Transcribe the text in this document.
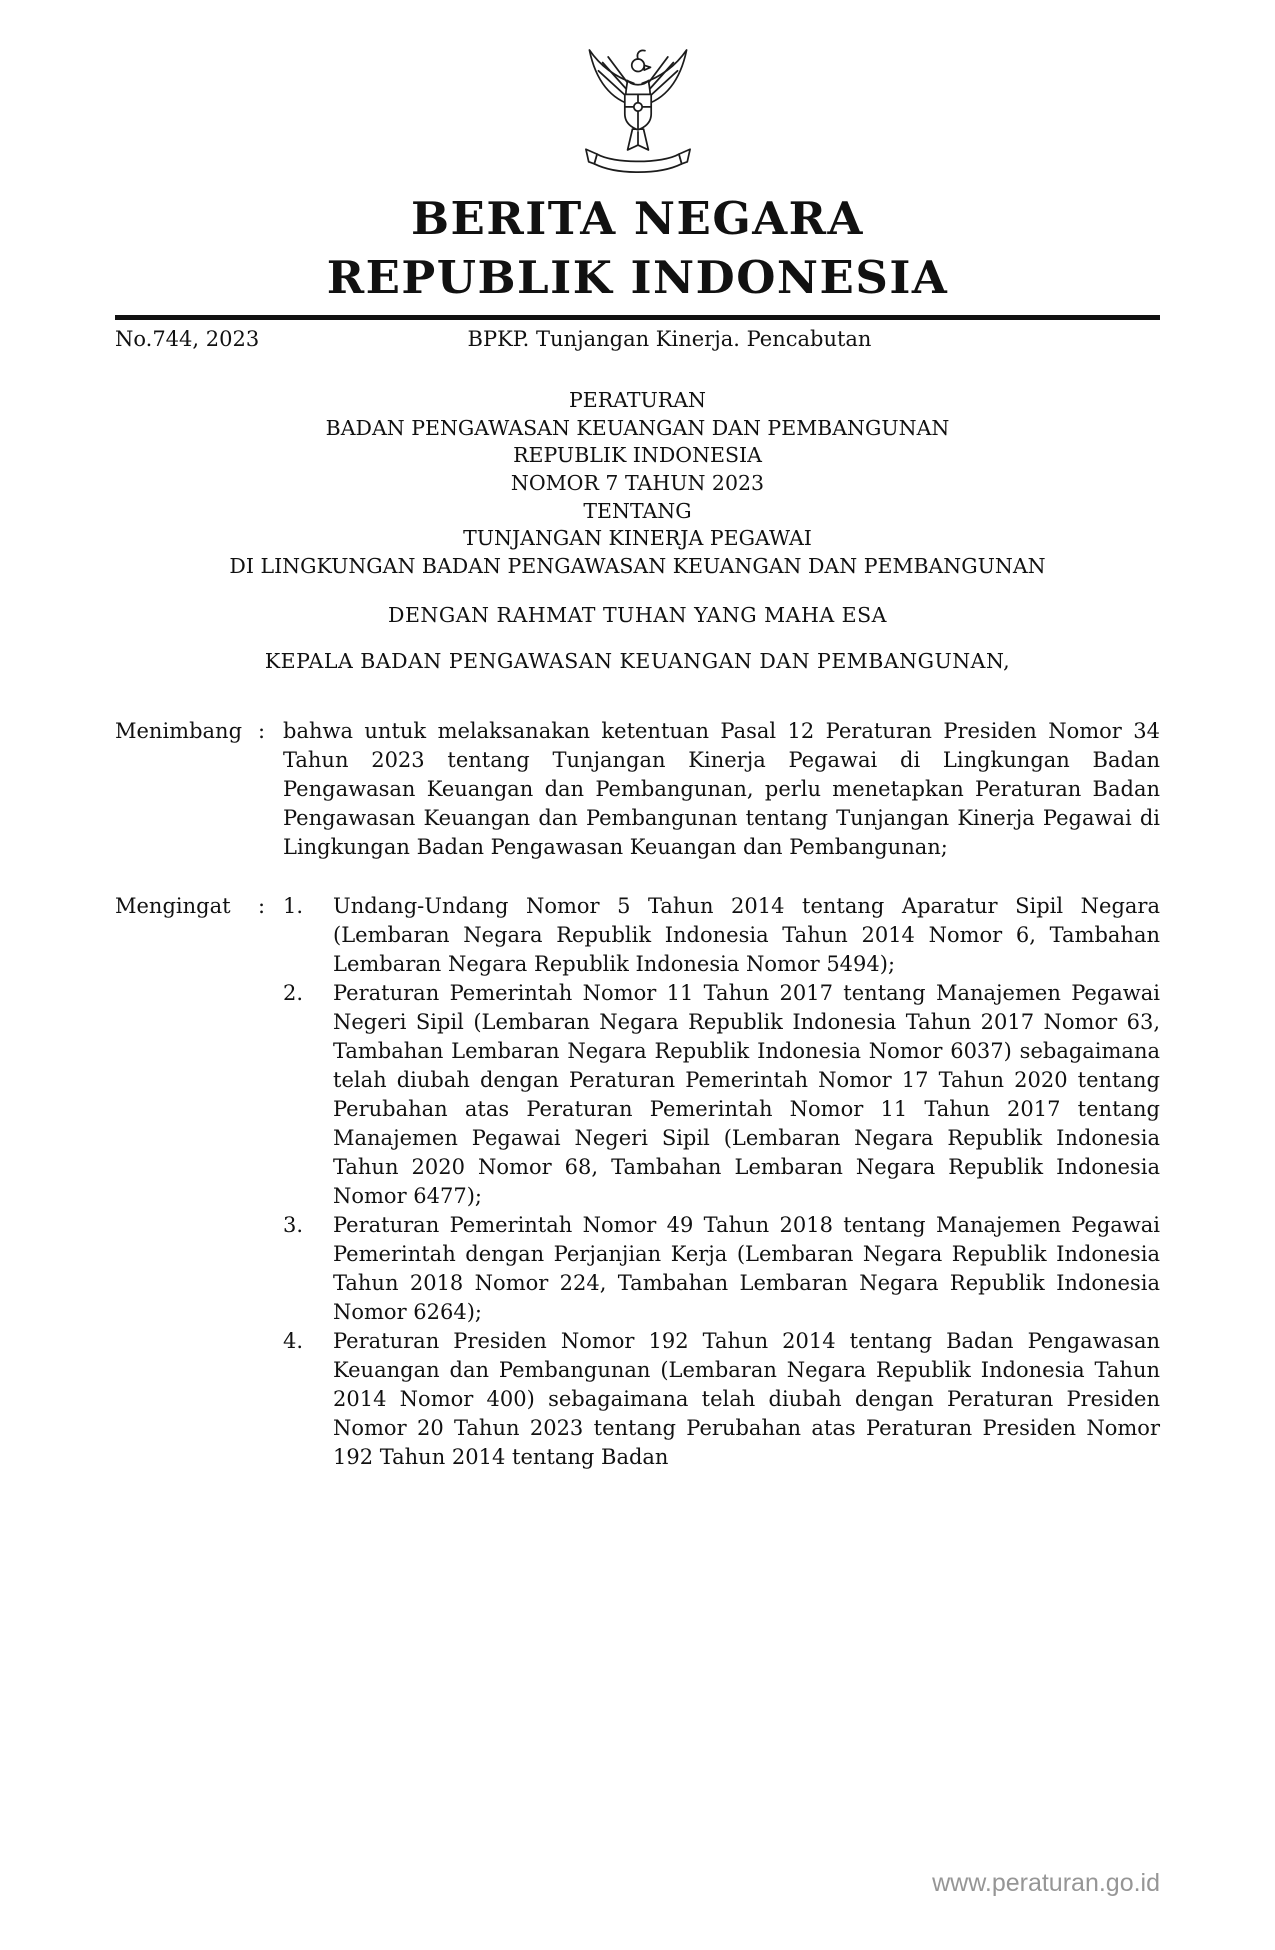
BERITA NEGARA
REPUBLIK INDONESIA
No.744, 2023	BPKP. Tunjangan Kinerja. Pencabutan
PERATURAN
BADAN PENGAWASAN KEUANGAN DAN PEMBANGUNAN
REPUBLIK INDONESIA
NOMOR 7 TAHUN 2023
TENTANG
TUNJANGAN KINERJA PEGAWAI
DI LINGKUNGAN BADAN PENGAWASAN KEUANGAN DAN PEMBANGUNAN
DENGAN RAHMAT TUHAN YANG MAHA ESA
KEPALA BADAN PENGAWASAN KEUANGAN DAN PEMBANGUNAN,
Menimbang : bahwa untuk melaksanakan ketentuan Pasal 12 Peraturan Presiden Nomor 34 Tahun 2023 tentang Tunjangan Kinerja Pegawai di Lingkungan Badan Pengawasan Keuangan dan Pembangunan, perlu menetapkan Peraturan Badan Pengawasan Keuangan dan Pembangunan tentang Tunjangan Kinerja Pegawai di Lingkungan Badan Pengawasan Keuangan dan Pembangunan;
Mengingat	: 1.	Undang-Undang Nomor 5 Tahun 2014 tentang Aparatur Sipil Negara (Lembaran Negara Republik Indonesia Tahun 2014 Nomor 6, Tambahan Lembaran Negara Republik Indonesia Nomor 5494);
2.	Peraturan Pemerintah Nomor 11 Tahun 2017 tentang Manajemen Pegawai Negeri Sipil (Lembaran Negara Republik Indonesia Tahun 2017 Nomor 63, Tambahan Lembaran Negara Republik Indonesia Nomor 6037) sebagaimana telah diubah dengan Peraturan Pemerintah Nomor 17 Tahun 2020 tentang Perubahan atas Peraturan Pemerintah Nomor 11 Tahun 2017 tentang Manajemen Pegawai Negeri Sipil (Lembaran Negara Republik Indonesia Tahun 2020 Nomor 68, Tambahan Lembaran Negara Republik Indonesia Nomor 6477);
3.	Peraturan Pemerintah Nomor 49 Tahun 2018 tentang Manajemen Pegawai Pemerintah dengan Perjanjian Kerja (Lembaran Negara Republik Indonesia Tahun 2018 Nomor 224, Tambahan Lembaran Negara Republik Indonesia Nomor 6264);
4.	Peraturan Presiden Nomor 192 Tahun 2014 tentang Badan Pengawasan Keuangan dan Pembangunan (Lembaran Negara Republik Indonesia Tahun 2014 Nomor 400) sebagaimana telah diubah dengan Peraturan Presiden Nomor 20 Tahun 2023 tentang Perubahan atas Peraturan Presiden Nomor 192 Tahun 2014 tentang Badan
www.peraturan.go.id
